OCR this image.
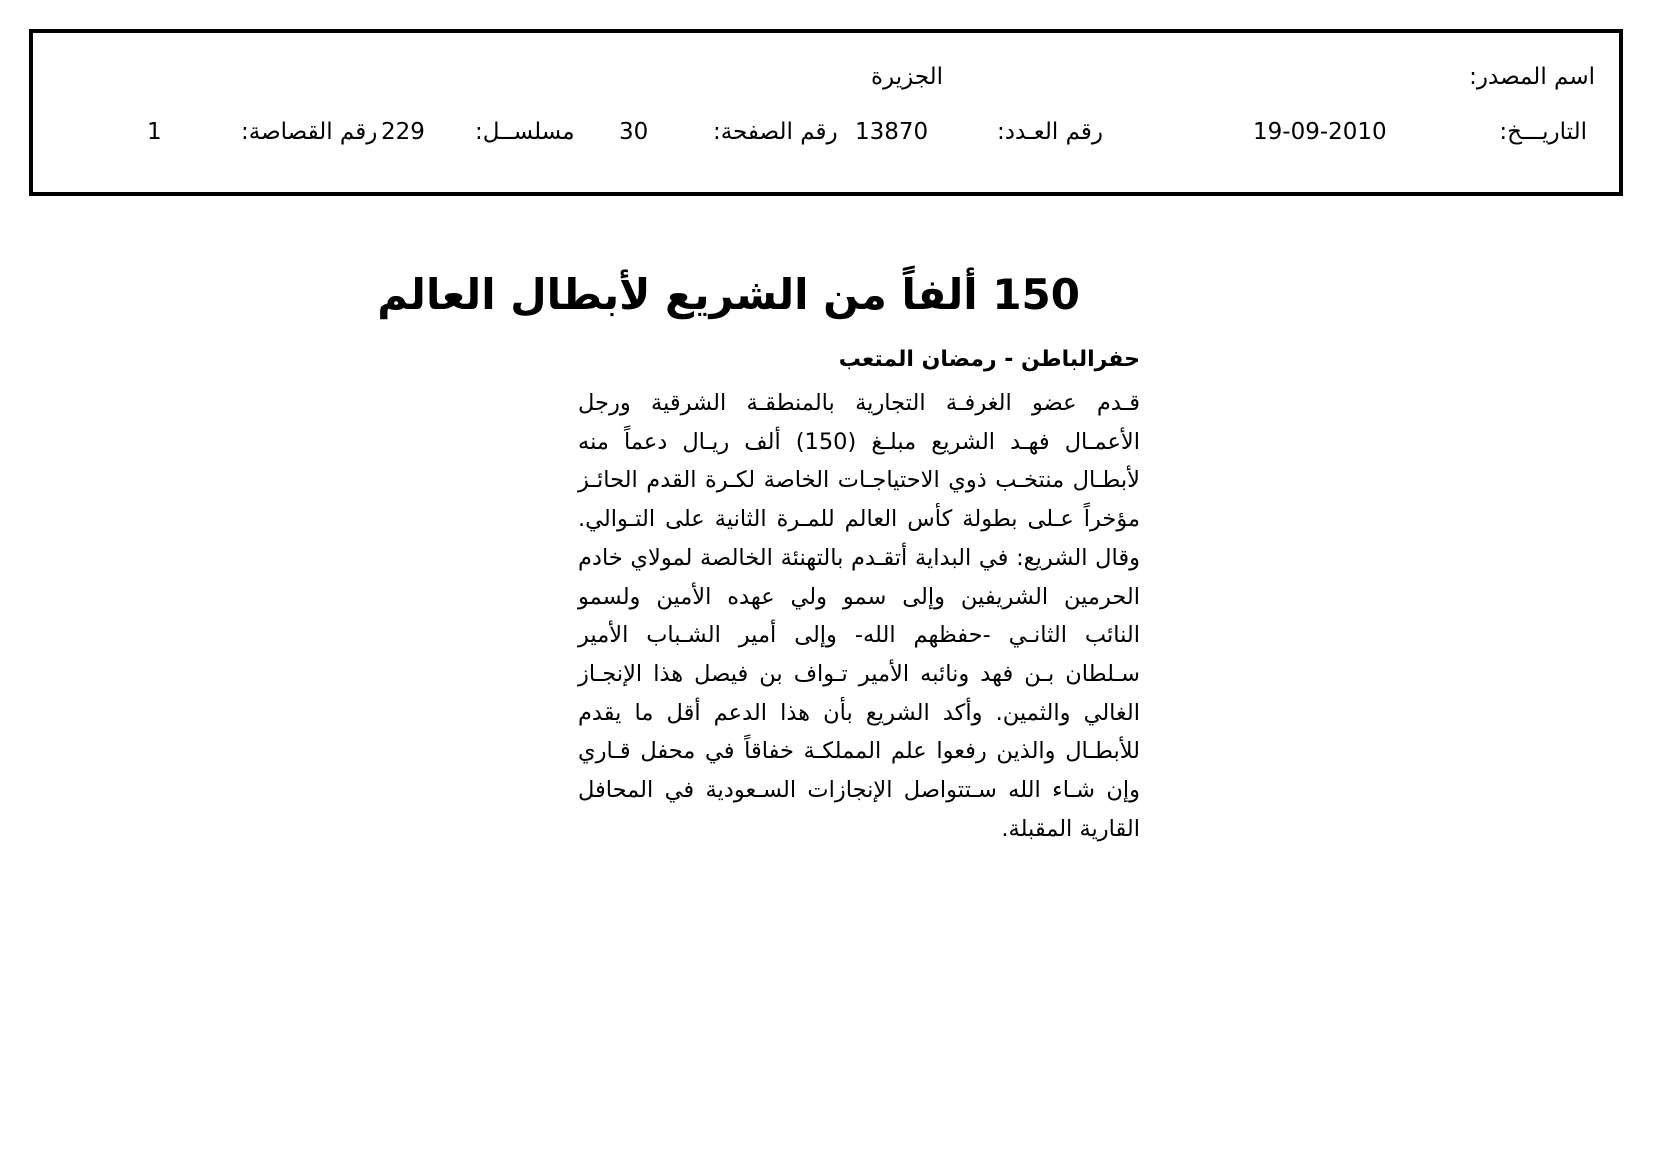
اسم المصدر:
الجزيرة
التاريـــخ:
19-09-2010
رقم العـدد:
13870
رقم الصفحة:
30
مسلســل:
229
رقم القصاصة:
1
150 ألفاً من الشريع لأبطال العالم
حفرالباطن - رمضان المتعب
قـدم عضو الغرفـة التجارية بالمنطقـة الشرقية ورجل الأعمـال فهـد الشريع مبلـغ (150) ألف ريـال دعماً منه لأبطـال منتخـب ذوي الاحتياجـات الخاصة لكـرة القدم الحائـز مؤخراً عـلى بطولة كأس العالم للمـرة الثانية على التـوالي. وقال الشريع: في البداية أتقـدم بالتهنئة الخالصة لمولاي خادم الحرمين الشريفين وإلى سمو ولي عهده الأمين ولسمو النائب الثانـي -حفظهم الله- وإلى أمير الشـباب الأمير سـلطان بـن فهد ونائبه الأمير تـواف بن فيصل هذا الإنجـاز الغالي والثمين. وأكد الشريع بأن هذا الدعم أقل ما يقدم للأبطـال والذين رفعوا علم المملكـة خفاقاً في محفل قـاري وإن شـاء الله سـتتواصل الإنجازات السـعودية في المحافل القارية المقبلة.
